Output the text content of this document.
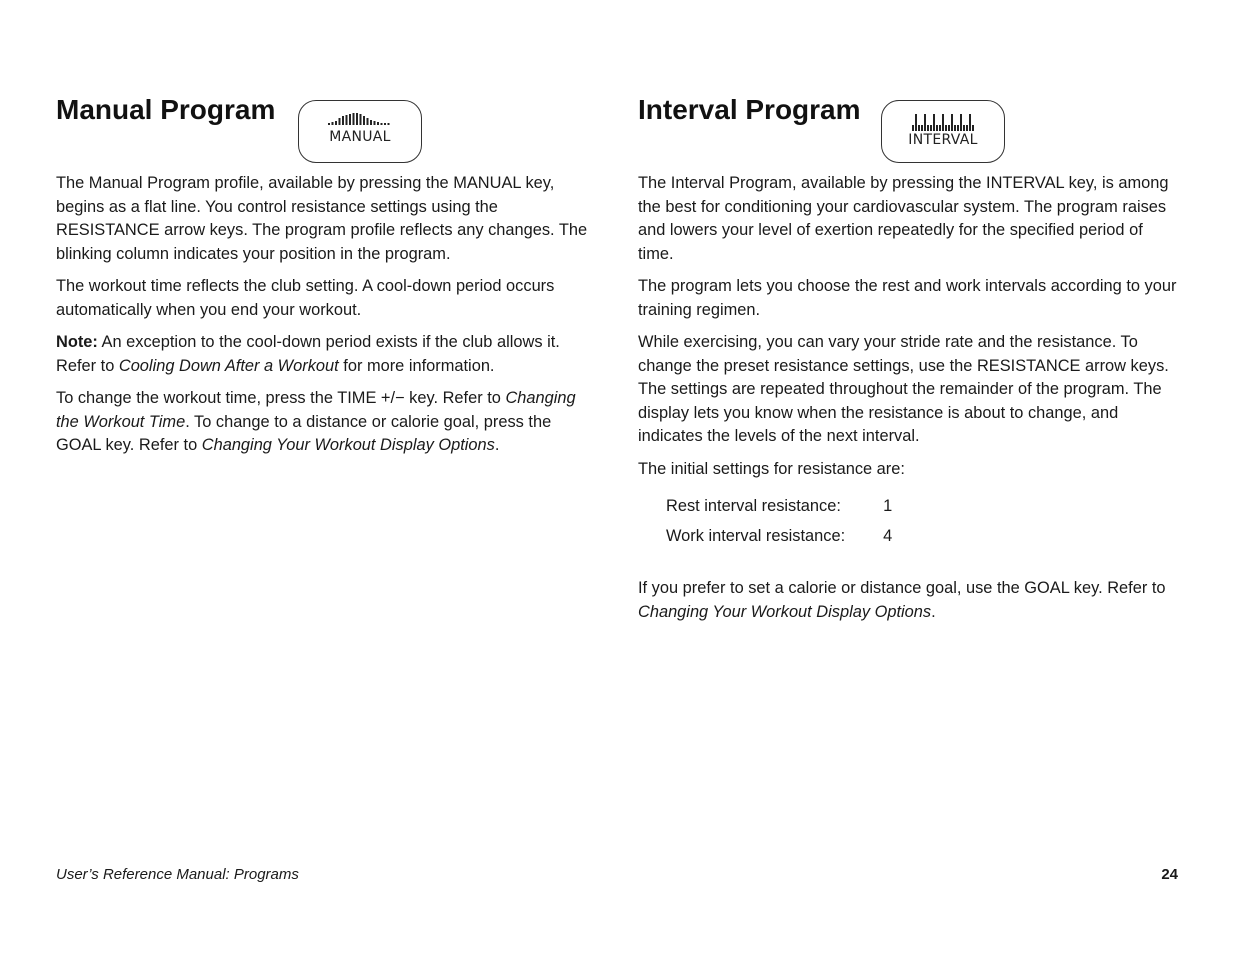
Manual Program
MANUAL

The Manual Program profile, available by pressing the MANUAL key, begins as a flat line. You control resistance settings using the RESISTANCE arrow keys. The program profile reflects any changes. The blinking column indicates your position in the program.

The workout time reflects the club setting. A cool-down period occurs automatically when you end your workout.

Note: An exception to the cool-down period exists if the club allows it. Refer to Cooling Down After a Workout for more information.

To change the workout time, press the TIME +/− key. Refer to Changing the Workout Time. To change to a distance or calorie goal, press the GOAL key. Refer to Changing Your Workout Display Options.

Interval Program
INTERVAL

The Interval Program, available by pressing the INTERVAL key, is among the best for conditioning your cardiovascular system. The program raises and lowers your level of exertion repeatedly for the specified period of time.

The program lets you choose the rest and work intervals according to your training regimen.

While exercising, you can vary your stride rate and the resistance. To change the preset resistance settings, use the RESISTANCE arrow keys. The settings are repeated throughout the remainder of the program. The display lets you know when the resistance is about to change, and indicates the levels of the next interval.

The initial settings for resistance are:

Rest interval resistance:	1
Work interval resistance:	4

If you prefer to set a calorie or distance goal, use the GOAL key. Refer to Changing Your Workout Display Options.

User’s Reference Manual: Programs	24
